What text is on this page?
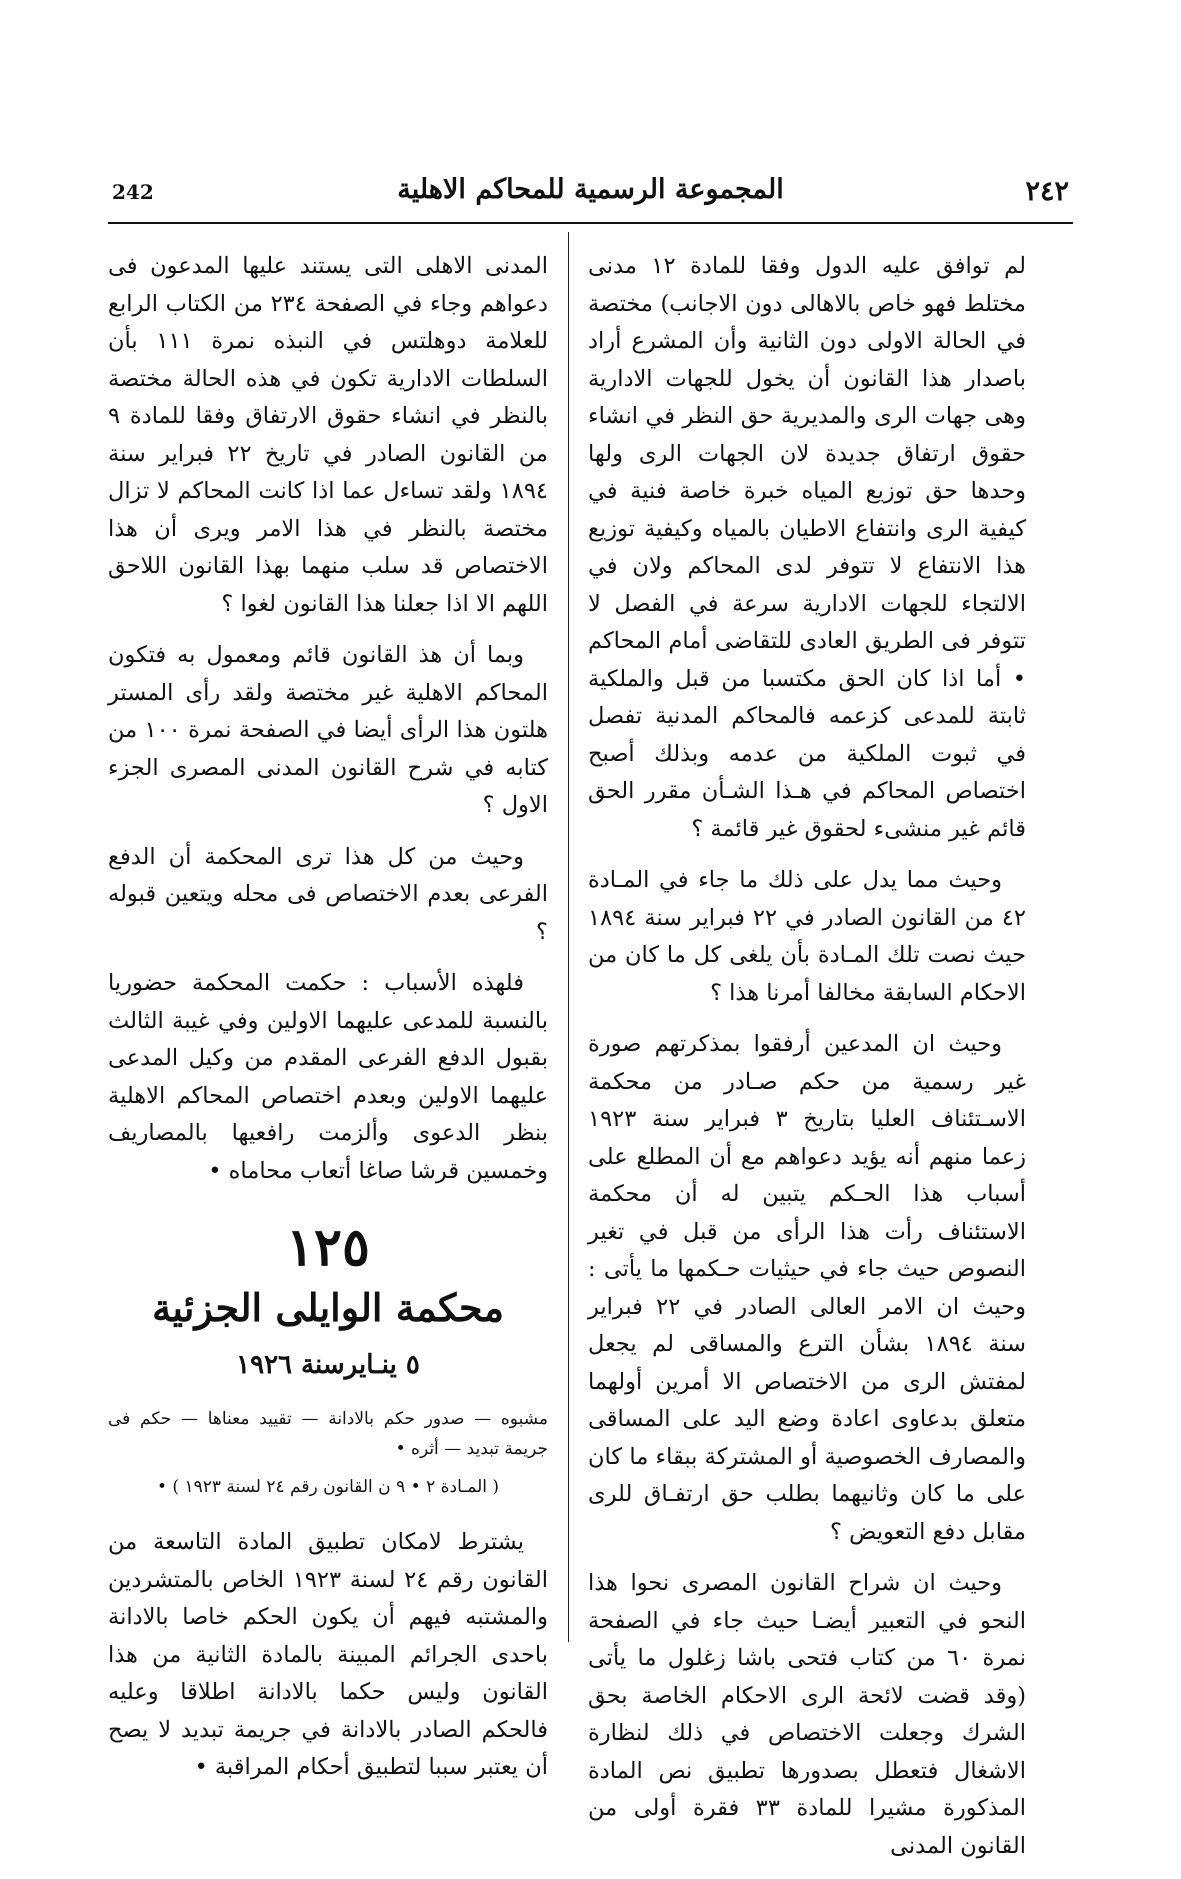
242	المجموعة الرسمية للمحاكم الاهلية	٢٤٢

لم توافق عليه الدول وفقا للمادة ١٢ مدنى مختلط فهو خاص بالاهالى دون الاجانب) مختصة في الحالة الاولى دون الثانية وأن المشرع أراد باصدار هذا القانون أن يخول للجهات الادارية وهى جهات الرى والمديرية حق النظر في انشاء حقوق ارتفاق جديدة لان الجهات الرى ولها وحدها حق توزيع المياه خبرة خاصة فنية في كيفية الرى وانتفاع الاطيان بالمياه وكيفية توزيع هذا الانتفاع لا تتوفر لدى المحاكم ولان في الالتجاء للجهات الادارية سرعة في الفصل لا تتوفر فى الطريق العادى للتقاضى أمام المحاكم • أما اذا كان الحق مكتسبا من قبل والملكية ثابتة للمدعى كزعمه فالمحاكم المدنية تفصل في ثبوت الملكية من عدمه وبذلك أصبح اختصاص المحاكم في هـذا الشـأن مقرر الحق قائم غير منشىء لحقوق غير قائمة ؟

وحيث مما يدل على ذلك ما جاء في المـادة ٤٢ من القانون الصادر في ٢٢ فبراير سنة ١٨٩٤ حيث نصت تلك المـادة بأن يلغى كل ما كان من الاحكام السابقة مخالفا أمرنا هذا ؟

وحيث ان المدعين أرفقوا بمذكرتهم صورة غير رسمية من حكم صـادر من محكمة الاسـتئناف العليا بتاريخ ٣ فبراير سنة ١٩٢٣ زعما منهم أنه يؤيد دعواهم مع أن المطلع على أسباب هذا الحـكم يتبين له أن محكمة الاستئناف رأت هذا الرأى من قبل في تغير النصوص حيث جاء في حيثيات حـكمها ما يأتى : وحيث ان الامر العالى الصادر في ٢٢ فبراير سنة ١٨٩٤ بشأن الترع والمساقى لم يجعل لمفتش الرى من الاختصاص الا أمرين أولهما متعلق بدعاوى اعادة وضع اليد على المساقى والمصارف الخصوصية أو المشتركة ببقاء ما كان على ما كان وثانيهما بطلب حق ارتفـاق للرى مقابل دفع التعويض ؟

وحيث ان شراح القانون المصرى نحوا هذا النحو في التعبير أيضـا حيث جاء في الصفحة نمرة ٦٠ من كتاب فتحى باشا زغلول ما يأتى (وقد قضت لائحة الرى الاحكام الخاصة بحق الشرك وجعلت الاختصاص في ذلك لنظارة الاشغال فتعطل بصدورها تطبيق نص المادة المذكورة مشيرا للمادة ٣٣ فقرة أولى من القانون المدنى

المدنى الاهلى التى يستند عليها المدعون فى دعواهم وجاء في الصفحة ٢٣٤ من الكتاب الرابع للعلامة دوهلتس في النبذه نمرة ١١١ بأن السلطات الادارية تكون في هذه الحالة مختصة بالنظر في انشاء حقوق الارتفاق وفقا للمادة ٩ من القانون الصادر في تاريخ ٢٢ فبراير سنة ١٨٩٤ ولقد تساءل عما اذا كانت المحاكم لا تزال مختصة بالنظر في هذا الامر ويرى أن هذا الاختصاص قد سلب منهما بهذا القانون اللاحق اللهم الا اذا جعلنا هذا القانون لغوا ؟

وبما أن هذ القانون قائم ومعمول به فتكون المحاكم الاهلية غير مختصة ولقد رأى المستر هلتون هذا الرأى أيضا في الصفحة نمرة ١٠٠ من كتابه في شرح القانون المدنى المصرى الجزء الاول ؟

وحيث من كل هذا ترى المحكمة أن الدفع الفرعى بعدم الاختصاص فى محله ويتعين قبوله ؟

فلهذه الأسباب : حكمت المحكمة حضوريا بالنسبة للمدعى عليهما الاولين وفي غيبة الثالث بقبول الدفع الفرعى المقدم من وكيل المدعى عليهما الاولين وبعدم اختصاص المحاكم الاهلية بنظر الدعوى وألزمت رافعيها بالمصاريف وخمسين قرشا صاغا أتعاب محاماه •

١٢٥
محكمة الوايلى الجزئية
٥ ينـايرسنة ١٩٢٦
مشبوه — صدور حكم بالادانة — تقييد معناها — حكم فى جريمة تبديد — أثره •
( المـادة ٢ • ٩ ن القانون رقم ٢٤ لسنة ١٩٢٣ ) •

يشترط لامكان تطبيق المادة التاسعة من القانون رقم ٢٤ لسنة ١٩٢٣ الخاص بالمتشردين والمشتبه فيهم أن يكون الحكم خاصا بالادانة باحدى الجرائم المبينة بالمادة الثانية من هذا القانون وليس حكما بالادانة اطلاقا وعليه فالحكم الصادر بالادانة في جريمة تبديد لا يصح أن يعتبر سببا لتطبيق أحكام المراقبة •
